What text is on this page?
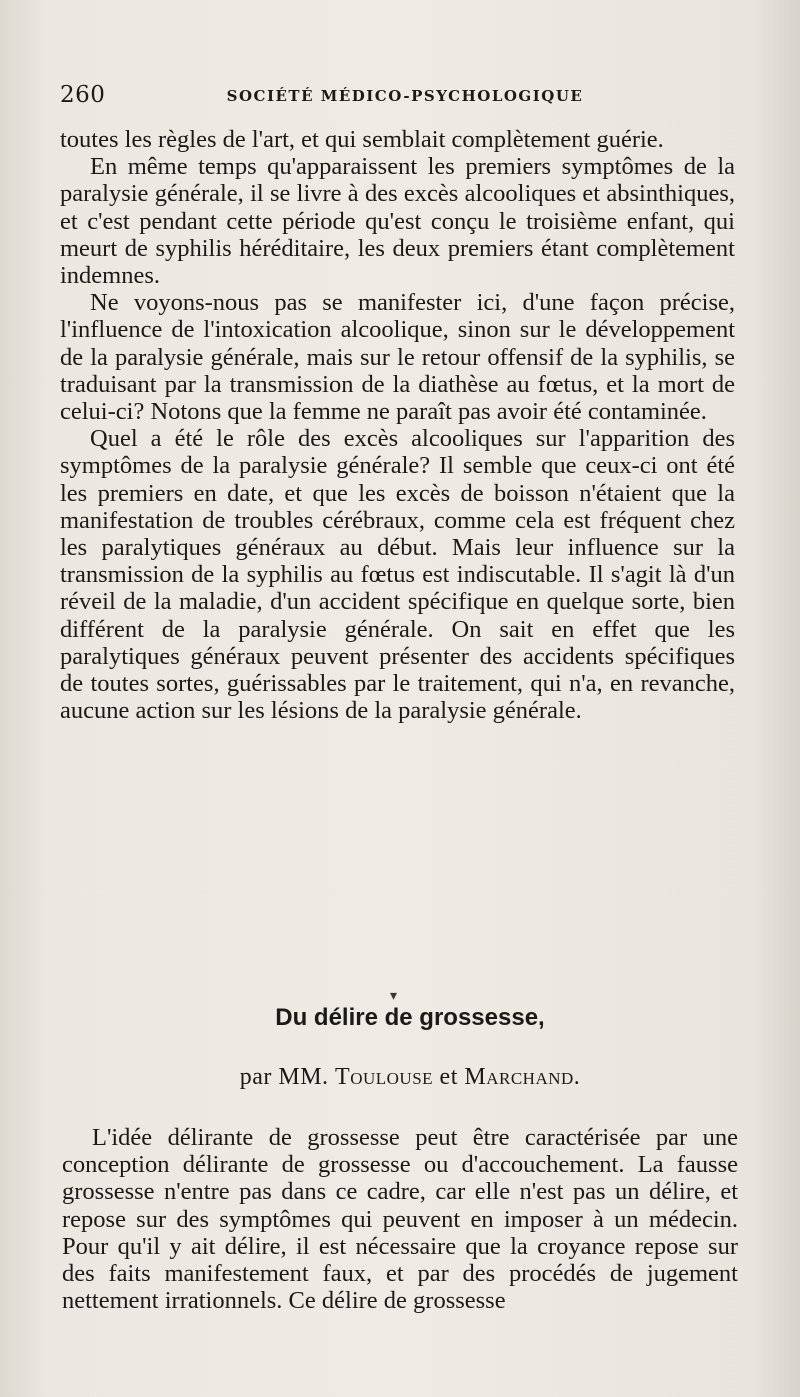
260	SOCIÉTÉ MÉDICO-PSYCHOLOGIQUE

toutes les règles de l'art, et qui semblait complètement guérie.

En même temps qu'apparaissent les premiers symptômes de la paralysie générale, il se livre à des excès alcooliques et absinthiques, et c'est pendant cette période qu'est conçu le troisième enfant, qui meurt de syphilis héréditaire, les deux premiers étant complètement indemnes.

Ne voyons-nous pas se manifester ici, d'une façon précise, l'influence de l'intoxication alcoolique, sinon sur le développement de la paralysie générale, mais sur le retour offensif de la syphilis, se traduisant par la transmission de la diathèse au fœtus, et la mort de celui-ci? Notons que la femme ne paraît pas avoir été contaminée.

Quel a été le rôle des excès alcooliques sur l'apparition des symptômes de la paralysie générale? Il semble que ceux-ci ont été les premiers en date, et que les excès de boisson n'étaient que la manifestation de troubles cérébraux, comme cela est fréquent chez les paralytiques généraux au début. Mais leur influence sur la transmission de la syphilis au fœtus est indiscutable. Il s'agit là d'un réveil de la maladie, d'un accident spécifique en quelque sorte, bien différent de la paralysie générale. On sait en effet que les paralytiques généraux peuvent présenter des accidents spécifiques de toutes sortes, guérissables par le traitement, qui n'a, en revanche, aucune action sur les lésions de la paralysie générale.

▾
Du délire de grossesse,
par MM. Toulouse et Marchand.

L'idée délirante de grossesse peut être caractérisée par une conception délirante de grossesse ou d'accouchement. La fausse grossesse n'entre pas dans ce cadre, car elle n'est pas un délire, et repose sur des symptômes qui peuvent en imposer à un médecin. Pour qu'il y ait délire, il est nécessaire que la croyance repose sur des faits manifestement faux, et par des procédés de jugement nettement irrationnels. Ce délire de grossesse
